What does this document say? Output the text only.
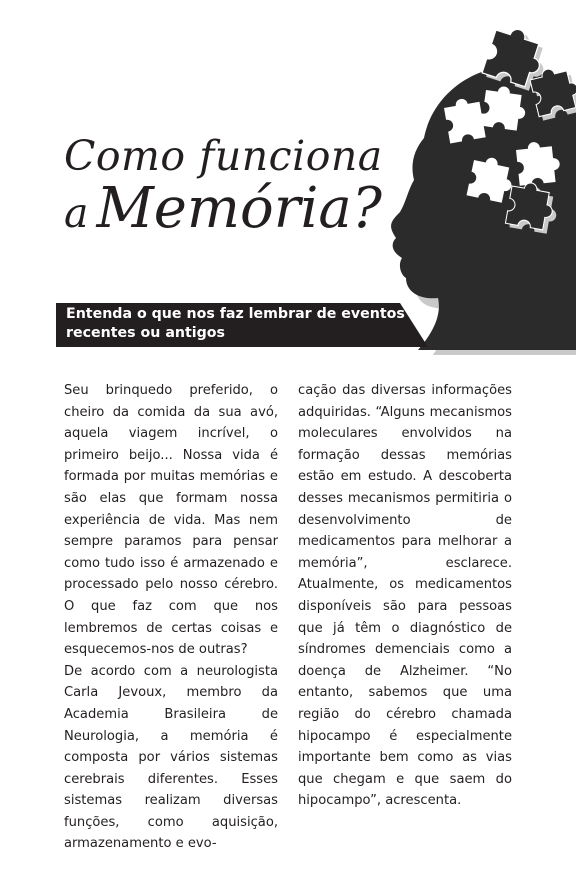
Como funciona
a Memória?

Entenda o que nos faz lembrar de eventos
recentes ou antigos

Seu brinquedo preferido, o cheiro da comida da sua avó, aquela viagem incrível, o primeiro beijo... Nossa vida é formada por muitas memórias e são elas que formam nossa experiência de vida. Mas nem sempre paramos para pensar como tudo isso é armazenado e processado pelo nosso cérebro. O que faz com que nos lembremos de certas coisas e esquecemos-nos de outras?

De acordo com a neurologista Carla Jevoux, membro da Academia Brasileira de Neurologia, a memória é composta por vários sistemas cerebrais diferentes. Esses sistemas realizam diversas funções, como aquisição, armazenamento e evo-

cação das diversas informações adquiridas. “Alguns mecanismos moleculares envolvidos na formação dessas memórias estão em estudo. A descoberta desses mecanismos permitiria o desenvolvimento de medicamentos para melhorar a memória”, esclarece. Atualmente, os medicamentos disponíveis são para pessoas que já têm o diagnóstico de síndromes demenciais como a doença de Alzheimer. “No entanto, sabemos que uma região do cérebro chamada hipocampo é especialmente importante bem como as vias que chegam e que saem do hipocampo”, acrescenta.
